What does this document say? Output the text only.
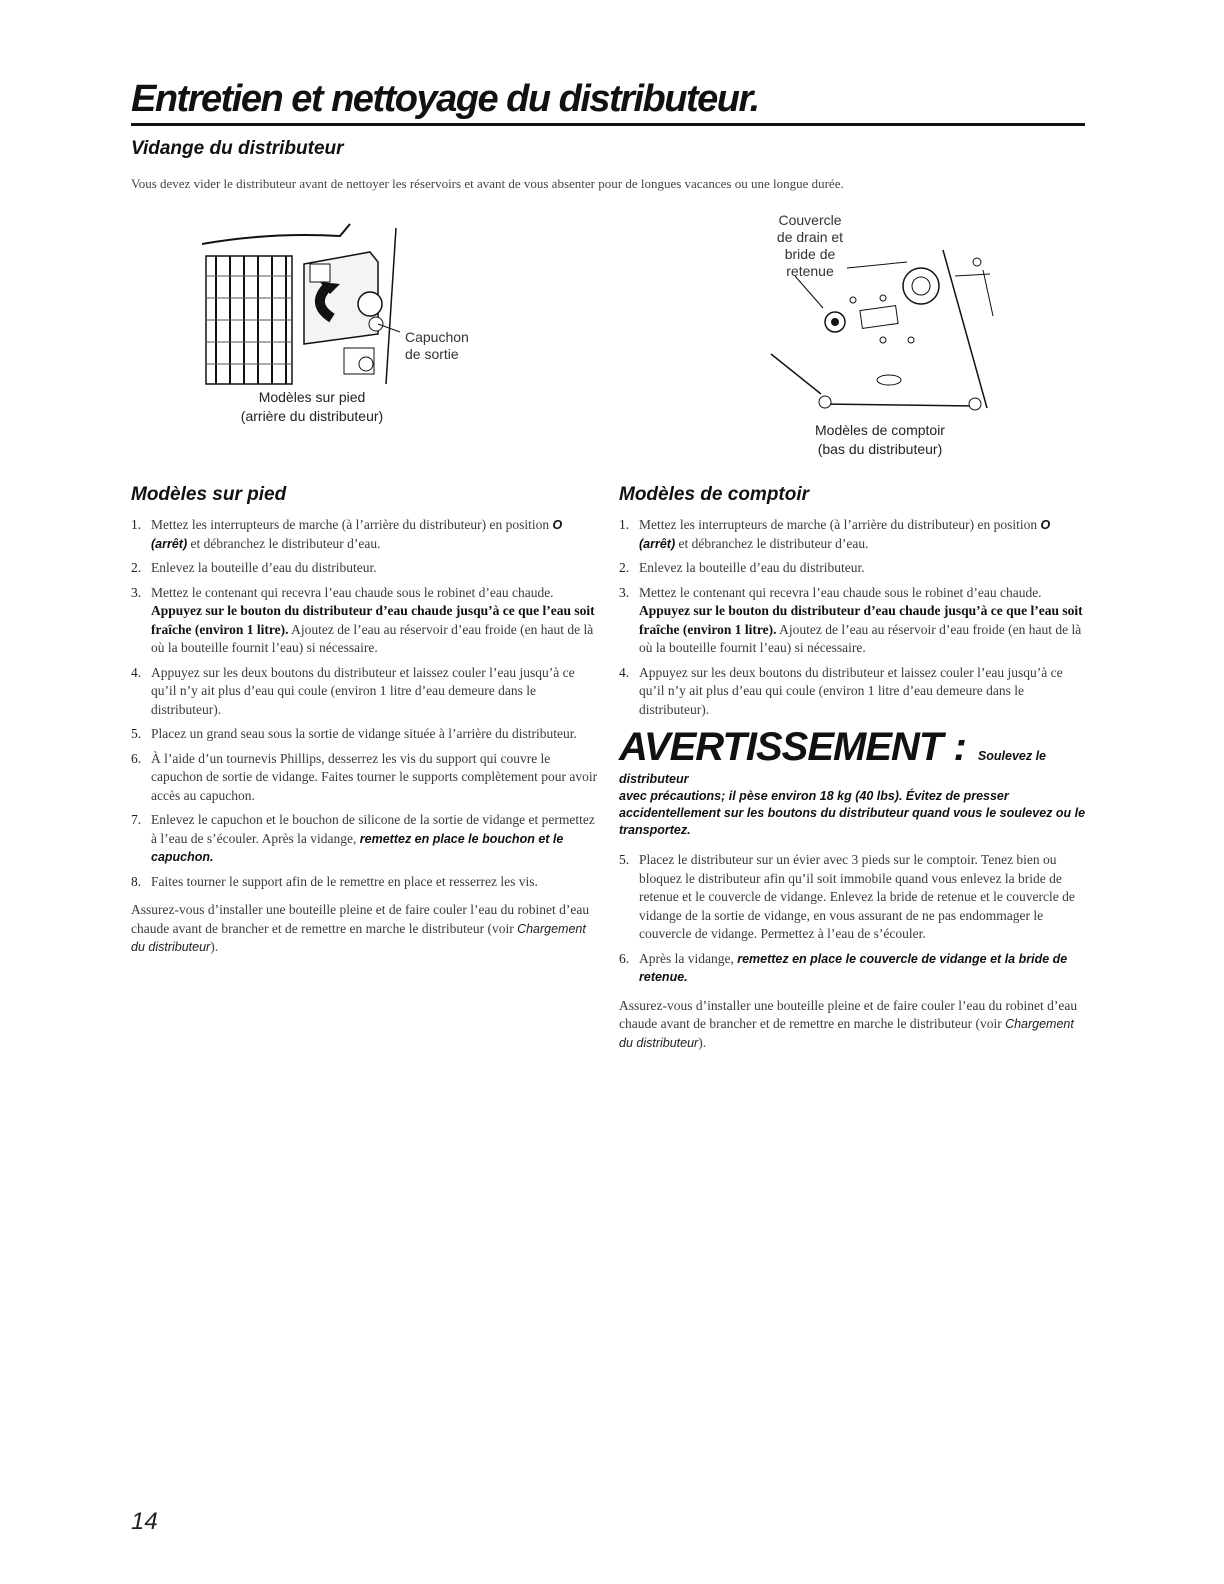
Entretien et nettoyage du distributeur.
Vidange du distributeur

Vous devez vider le distributeur avant de nettoyer les réservoirs et avant de vous absenter pour de longues vacances ou une longue durée.

Capuchon
de sortie
Modèles sur pied
(arrière du distributeur)
Couvercle
de drain et
bride de
retenue
Modèles de comptoir
(bas du distributeur)
Modèles sur pied
1. Mettez les interrupteurs de marche (à l’arrière du distributeur) en position O (arrêt) et débranchez le distributeur d’eau.
2. Enlevez la bouteille d’eau du distributeur.
3. Mettez le contenant qui recevra l’eau chaude sous le robinet d’eau chaude. Appuyez sur le bouton du distributeur d’eau chaude jusqu’à ce que l’eau soit fraîche (environ 1 litre). Ajoutez de l’eau au réservoir d’eau froide (en haut de là où la bouteille fournit l’eau) si nécessaire.
4. Appuyez sur les deux boutons du distributeur et laissez couler l’eau jusqu’à ce qu’il n’y ait plus d’eau qui coule (environ 1 litre d’eau demeure dans le distributeur).
5. Placez un grand seau sous la sortie de vidange située à l’arrière du distributeur.
6. À l’aide d’un tournevis Phillips, desserrez les vis du support qui couvre le capuchon de sortie de vidange. Faites tourner le supports complètement pour avoir accès au capuchon.
7. Enlevez le capuchon et le bouchon de silicone de la sortie de vidange et permettez à l’eau de s’écouler. Après la vidange, remettez en place le bouchon et le capuchon.
8. Faites tourner le support afin de le remettre en place et resserrez les vis.

Assurez-vous d’installer une bouteille pleine et de faire couler l’eau du robinet d’eau chaude avant de brancher et de remettre en marche le distributeur (voir Chargement du distributeur).

Modèles de comptoir
1. Mettez les interrupteurs de marche (à l’arrière du distributeur) en position O (arrêt) et débranchez le distributeur d’eau.
2. Enlevez la bouteille d’eau du distributeur.
3. Mettez le contenant qui recevra l’eau chaude sous le robinet d’eau chaude. Appuyez sur le bouton du distributeur d’eau chaude jusqu’à ce que l’eau soit fraîche (environ 1 litre). Ajoutez de l’eau au réservoir d’eau froide (en haut de là où la bouteille fournit l’eau) si nécessaire.
4. Appuyez sur les deux boutons du distributeur et laissez couler l’eau jusqu’à ce qu’il n’y ait plus d’eau qui coule (environ 1 litre d’eau demeure dans le distributeur).
AVERTISSEMENT : Soulevez le distributeur
avec précautions; il pèse environ 18 kg (40 lbs). Évitez de presser accidentellement sur les boutons du distributeur quand vous le soulevez ou le transportez.
5. Placez le distributeur sur un évier avec 3 pieds sur le comptoir. Tenez bien ou bloquez le distributeur afin qu’il soit immobile quand vous enlevez la bride de retenue et le couvercle de vidange. Enlevez la bride de retenue et le couvercle de vidange de la sortie de vidange, en vous assurant de ne pas endommager le couvercle de vidange. Permettez à l’eau de s’écouler.
6. Après la vidange, remettez en place le couvercle de vidange et la bride de retenue.

Assurez-vous d’installer une bouteille pleine et de faire couler l’eau du robinet d’eau chaude avant de brancher et de remettre en marche le distributeur (voir Chargement du distributeur).

14
